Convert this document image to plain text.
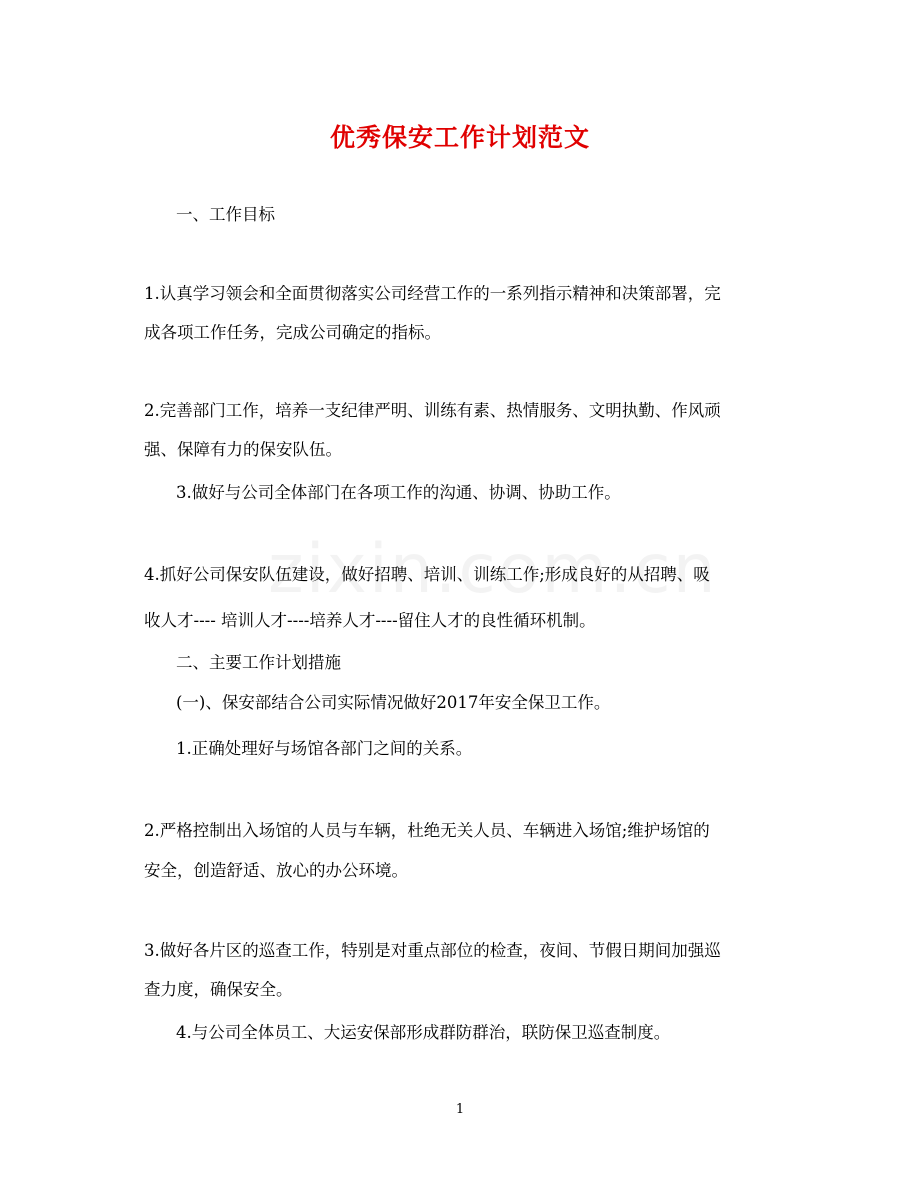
优秀保安工作计划范文
一、工作目标
1.认真学习领会和全面贯彻落实公司经营工作的一系列指示精神和决策部署，完
成各项工作任务，完成公司确定的指标。
2.完善部门工作，培养一支纪律严明、训练有素、热情服务、文明执勤、作风顽
强、保障有力的保安队伍。
3.做好与公司全体部门在各项工作的沟通、协调、协助工作。
4.抓好公司保安队伍建设，做好招聘、培训、训练工作;形成良好的从招聘、吸
收人才---- 培训人才----培养人才----留住人才的良性循环机制。
二、主要工作计划措施
(一)、保安部结合公司实际情况做好2017年安全保卫工作。
1.正确处理好与场馆各部门之间的关系。
2.严格控制出入场馆的人员与车辆，杜绝无关人员、车辆进入场馆;维护场馆的
安全，创造舒适、放心的办公环境。
3.做好各片区的巡查工作，特别是对重点部位的检查，夜间、节假日期间加强巡
查力度，确保安全。
4.与公司全体员工、大运安保部形成群防群治，联防保卫巡查制度。
1
